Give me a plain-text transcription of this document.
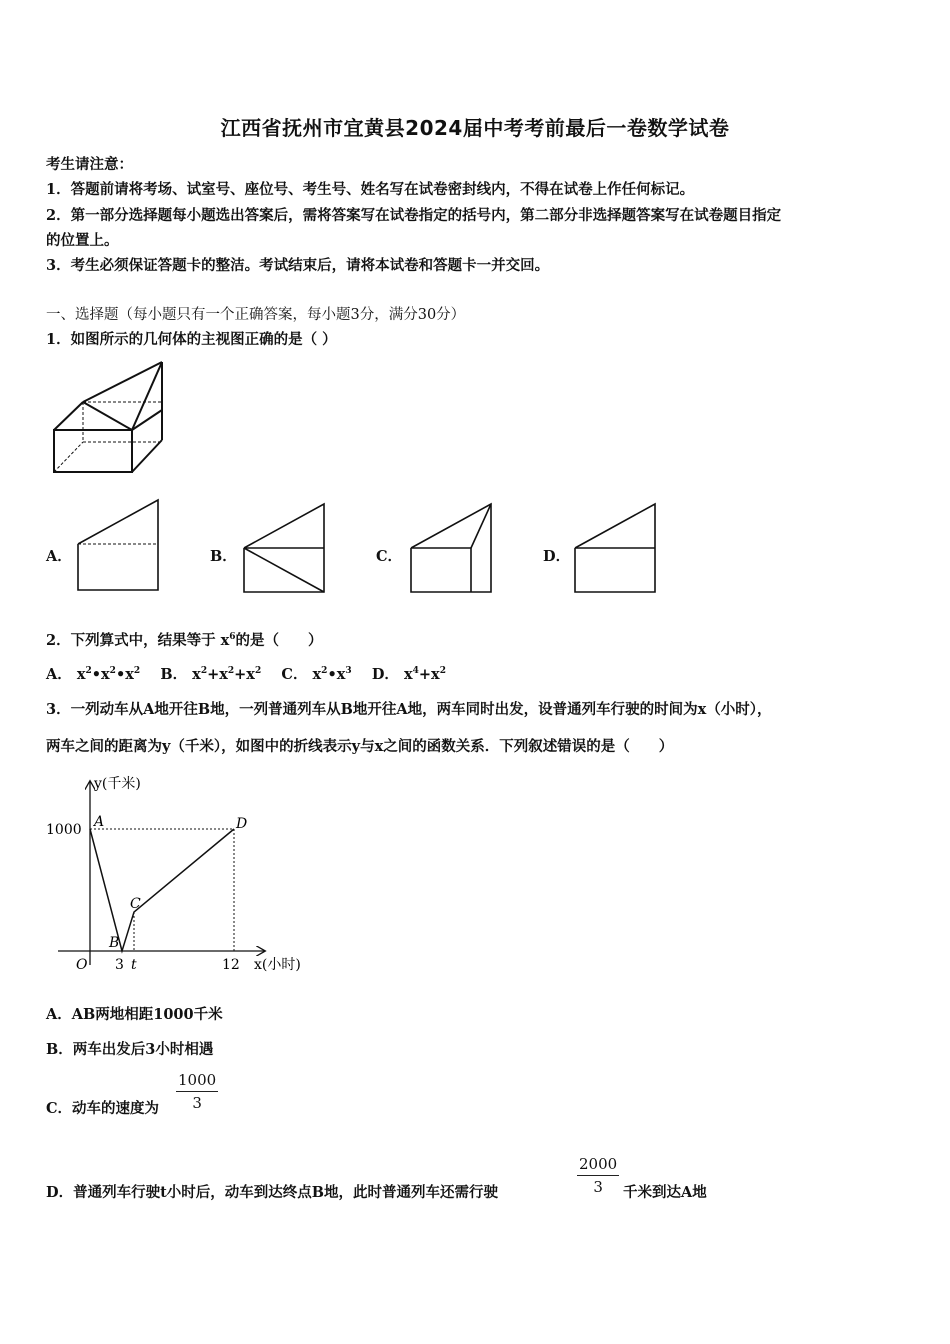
江西省抚州市宜黄县2024届中考考前最后一卷数学试卷
考生请注意：
1．答题前请将考场、试室号、座位号、考生号、姓名写在试卷密封线内，不得在试卷上作任何标记。
2．第一部分选择题每小题选出答案后，需将答案写在试卷指定的括号内，第二部分非选择题答案写在试卷题目指定
的位置上。
3．考生必须保证答题卡的整洁。考试结束后，请将本试卷和答题卡一并交回。
一、选择题（每小题只有一个正确答案，每小题3分，满分30分）
1．如图所示的几何体的主视图正确的是（ ）
A．	B．	C．	D．
2．下列算式中，结果等于 $x^6$的是（　　）
A． $x^2•x^2•x^2$ B． $x^2+x^2+x^2$ C． $x^2•x^3$ D． $x^4+x^2$
3．一列动车从A地开往B地，一列普通列车从B地开往A地，两车同时出发，设普通列车行驶的时间为x（小时），
两车之间的距离为y（千米），如图中的折线表示y与x之间的函数关系．下列叙述错误的是（　　）
y(千米)
x(小时)
1000
O 3 t	12
A
B
C
D
A．AB两地相距1000千米
B．两车出发后3小时相遇
C．动车的速度为 $\frac{1000}{3}$
D．普通列车行驶t小时后，动车到达终点B地，此时普通列车还需行驶	$\frac{2000}{3}$ 千米到达A地
